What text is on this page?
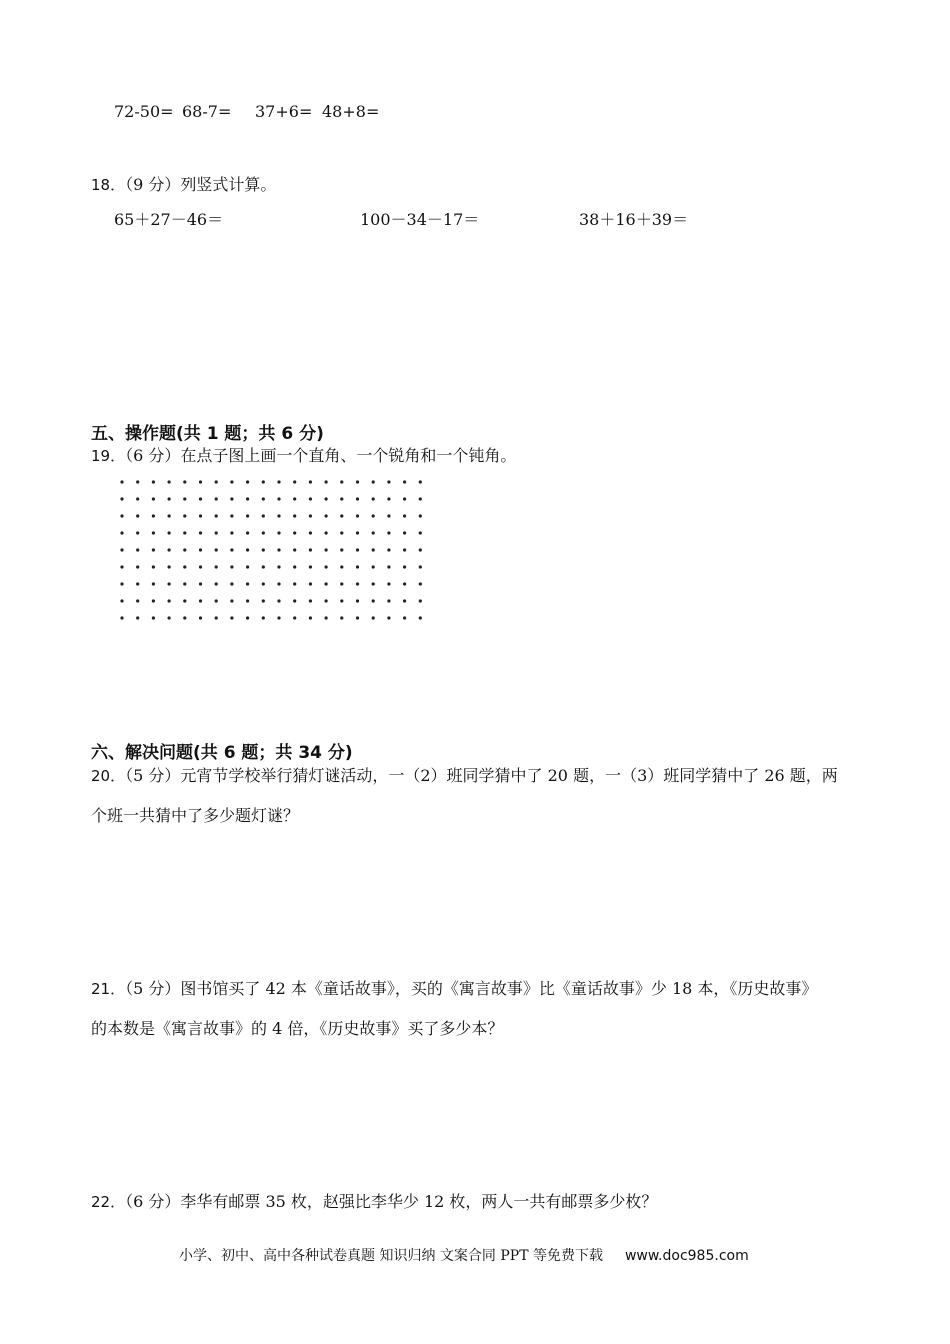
72-50= 68-7= 37+6= 48+8=
18．（9 分）列竖式计算。
65＋27－46＝	100－34－17＝	38＋16＋39＝
五、操作题(共 1 题；共 6 分)
19．（6 分）在点子图上画一个直角、一个锐角和一个钝角。
六、解决问题(共 6 题；共 34 分)
20．（5 分）元宵节学校举行猜灯谜活动，一（2）班同学猜中了 20 题，一（3）班同学猜中了 26 题，两
个班一共猜中了多少题灯谜？
21．（5 分）图书馆买了 42 本《童话故事》，买的《寓言故事》比《童话故事》少 18 本，《历史故事》
的本数是《寓言故事》的 4 倍，《历史故事》买了多少本？
22．（6 分）李华有邮票 35 枚，赵强比李华少 12 枚，两人一共有邮票多少枚？
小学、初中、高中各种试卷真题 知识归纳 文案合同 PPT 等免费下载 www.doc985.com
